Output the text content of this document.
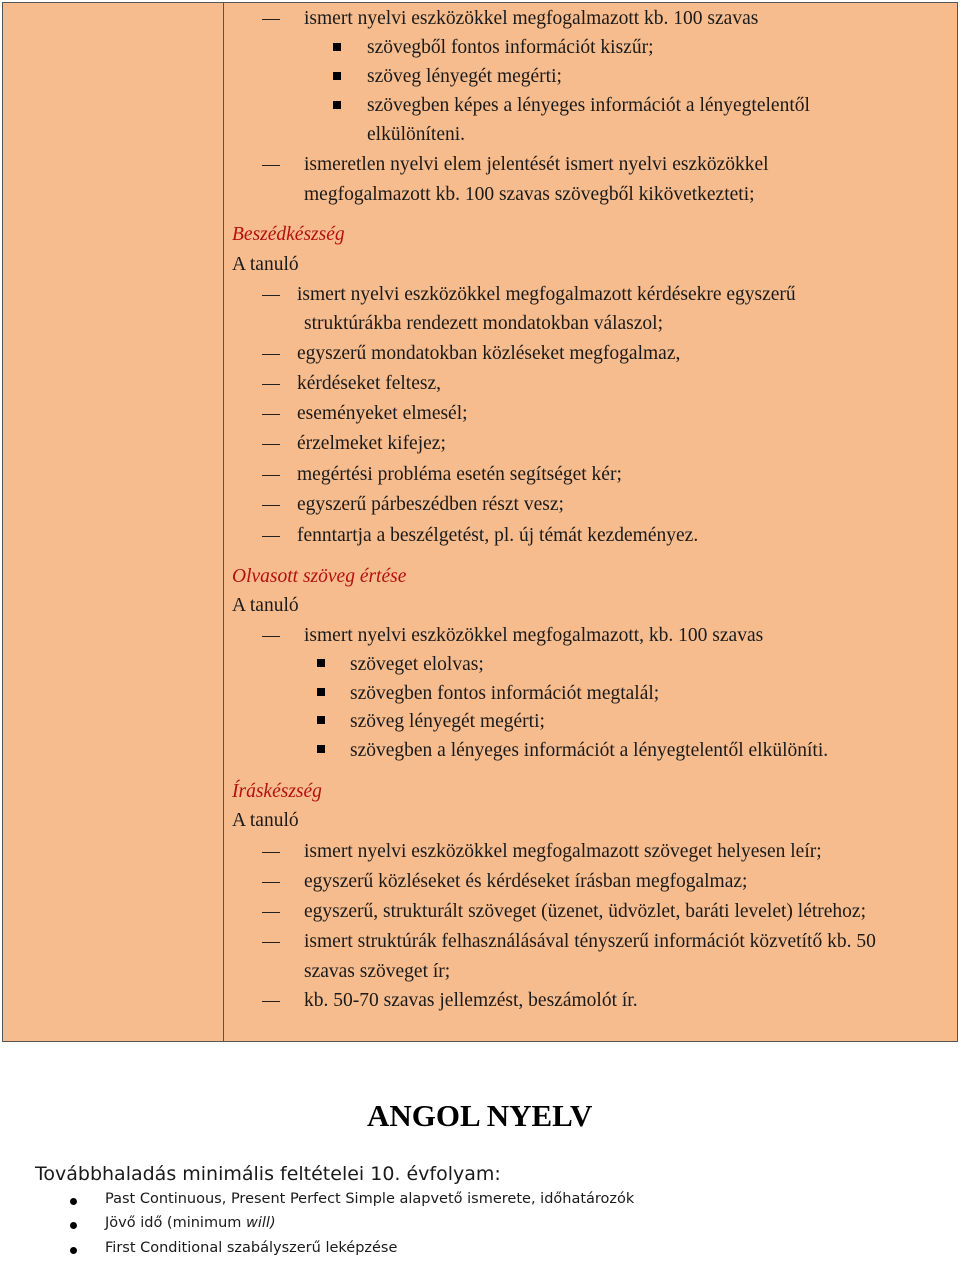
ismert nyelvi eszközökkel megfogalmazott kb. 100 szavas
szövegből fontos információt kiszűr;
szöveg lényegét megérti;
szövegben képes a lényeges információt a lényegtelentől
elkülöníteni.
ismeretlen nyelvi elem jelentését ismert nyelvi eszközökkel
megfogalmazott kb. 100 szavas szövegből kikövetkezteti;
Beszédkészség
A tanuló
ismert nyelvi eszközökkel megfogalmazott kérdésekre egyszerű
struktúrákba rendezett mondatokban válaszol;
egyszerű mondatokban közléseket megfogalmaz,
kérdéseket feltesz,
eseményeket elmesél;
érzelmeket kifejez;
megértési probléma esetén segítséget kér;
egyszerű párbeszédben részt vesz;
fenntartja a beszélgetést, pl. új témát kezdeményez.
Olvasott szöveg értése
A tanuló
ismert nyelvi eszközökkel megfogalmazott, kb. 100 szavas
szöveget elolvas;
szövegben fontos információt megtalál;
szöveg lényegét megérti;
szövegben a lényeges információt a lényegtelentől elkülöníti.
Íráskészség
A tanuló
ismert nyelvi eszközökkel megfogalmazott szöveget helyesen leír;
egyszerű közléseket és kérdéseket írásban megfogalmaz;
egyszerű, strukturált szöveget (üzenet, üdvözlet, baráti levelet) létrehoz;
ismert struktúrák felhasználásával tényszerű információt közvetítő kb. 50
szavas szöveget ír;
kb. 50-70 szavas jellemzést, beszámolót ír.
ANGOL NYELV
Továbbhaladás minimális feltételei 10. évfolyam:
Past Continuous, Present Perfect Simple alapvető ismerete, időhatározók
Jövő idő (minimum will)
First Conditional szabályszerű leképzése
